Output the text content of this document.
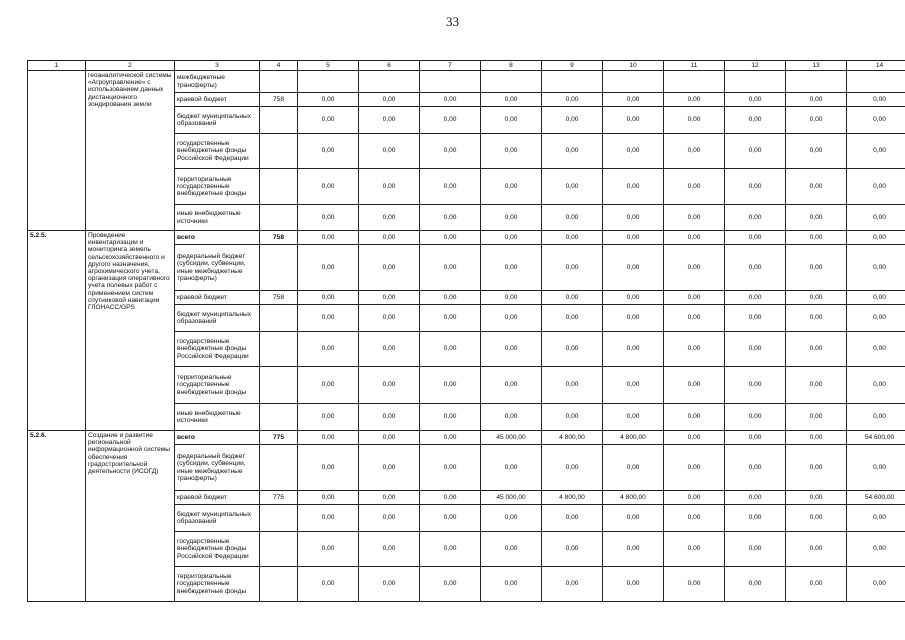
33
1	2	3	4	5	6	7	8	9	10	11	12	13	14
	геоаналитической системы «Агроуправление» с использованием данных дистанционного зондирования земли	межбюджетные трансферты)											
		краевой бюджет	758	0,00	0,00	0,00	0,00	0,00	0,00	0,00	0,00	0,00	0,00
		бюджет муниципальных образований		0,00	0,00	0,00	0,00	0,00	0,00	0,00	0,00	0,00	0,00
		государственные внебюджетные фонды Российской Федерации		0,00	0,00	0,00	0,00	0,00	0,00	0,00	0,00	0,00	0,00
		территориальные государственные внебюджетные фонды		0,00	0,00	0,00	0,00	0,00	0,00	0,00	0,00	0,00	0,00
		иные внебюджетные источники		0,00	0,00	0,00	0,00	0,00	0,00	0,00	0,00	0,00	0,00
5.2.5.	Проведение инвентаризации и мониторинга земель сельскохозяйственного и другого назначения, агрохимического учета, организация оперативного учета полевых работ с применением систем спутниковой навигации ГЛОНАСС/GPS	всего	758	0,00	0,00	0,00	0,00	0,00	0,00	0,00	0,00	0,00	0,00
		федеральный бюджет (субсидии, субвенции, иные межбюджетные трансферты)		0,00	0,00	0,00	0,00	0,00	0,00	0,00	0,00	0,00	0,00
		краевой бюджет	758	0,00	0,00	0,00	0,00	0,00	0,00	0,00	0,00	0,00	0,00
		бюджет муниципальных образований		0,00	0,00	0,00	0,00	0,00	0,00	0,00	0,00	0,00	0,00
		государственные внебюджетные фонды Российской Федерации		0,00	0,00	0,00	0,00	0,00	0,00	0,00	0,00	0,00	0,00
		территориальные государственные внебюджетные фонды		0,00	0,00	0,00	0,00	0,00	0,00	0,00	0,00	0,00	0,00
		иные внебюджетные источники		0,00	0,00	0,00	0,00	0,00	0,00	0,00	0,00	0,00	0,00
5.2.6.	Создание и развитие региональной информационной системы обеспечения градостроительной деятельности (ИСОГД)	всего	775	0,00	0,00	0,00	45 000,00	4 800,00	4 800,00	0,00	0,00	0,00	54 600,00
		федеральный бюджет (субсидии, субвенции, иные межбюджетные трансферты)		0,00	0,00	0,00	0,00	0,00	0,00	0,00	0,00	0,00	0,00
		краевой бюджет	775	0,00	0,00	0,00	45 000,00	4 800,00	4 800,00	0,00	0,00	0,00	54 600,00
		бюджет муниципальных образований		0,00	0,00	0,00	0,00	0,00	0,00	0,00	0,00	0,00	0,00
		государственные внебюджетные фонды Российской Федерации		0,00	0,00	0,00	0,00	0,00	0,00	0,00	0,00	0,00	0,00
		территориальные государственные внебюджетные фонды		0,00	0,00	0,00	0,00	0,00	0,00	0,00	0,00	0,00	0,00
